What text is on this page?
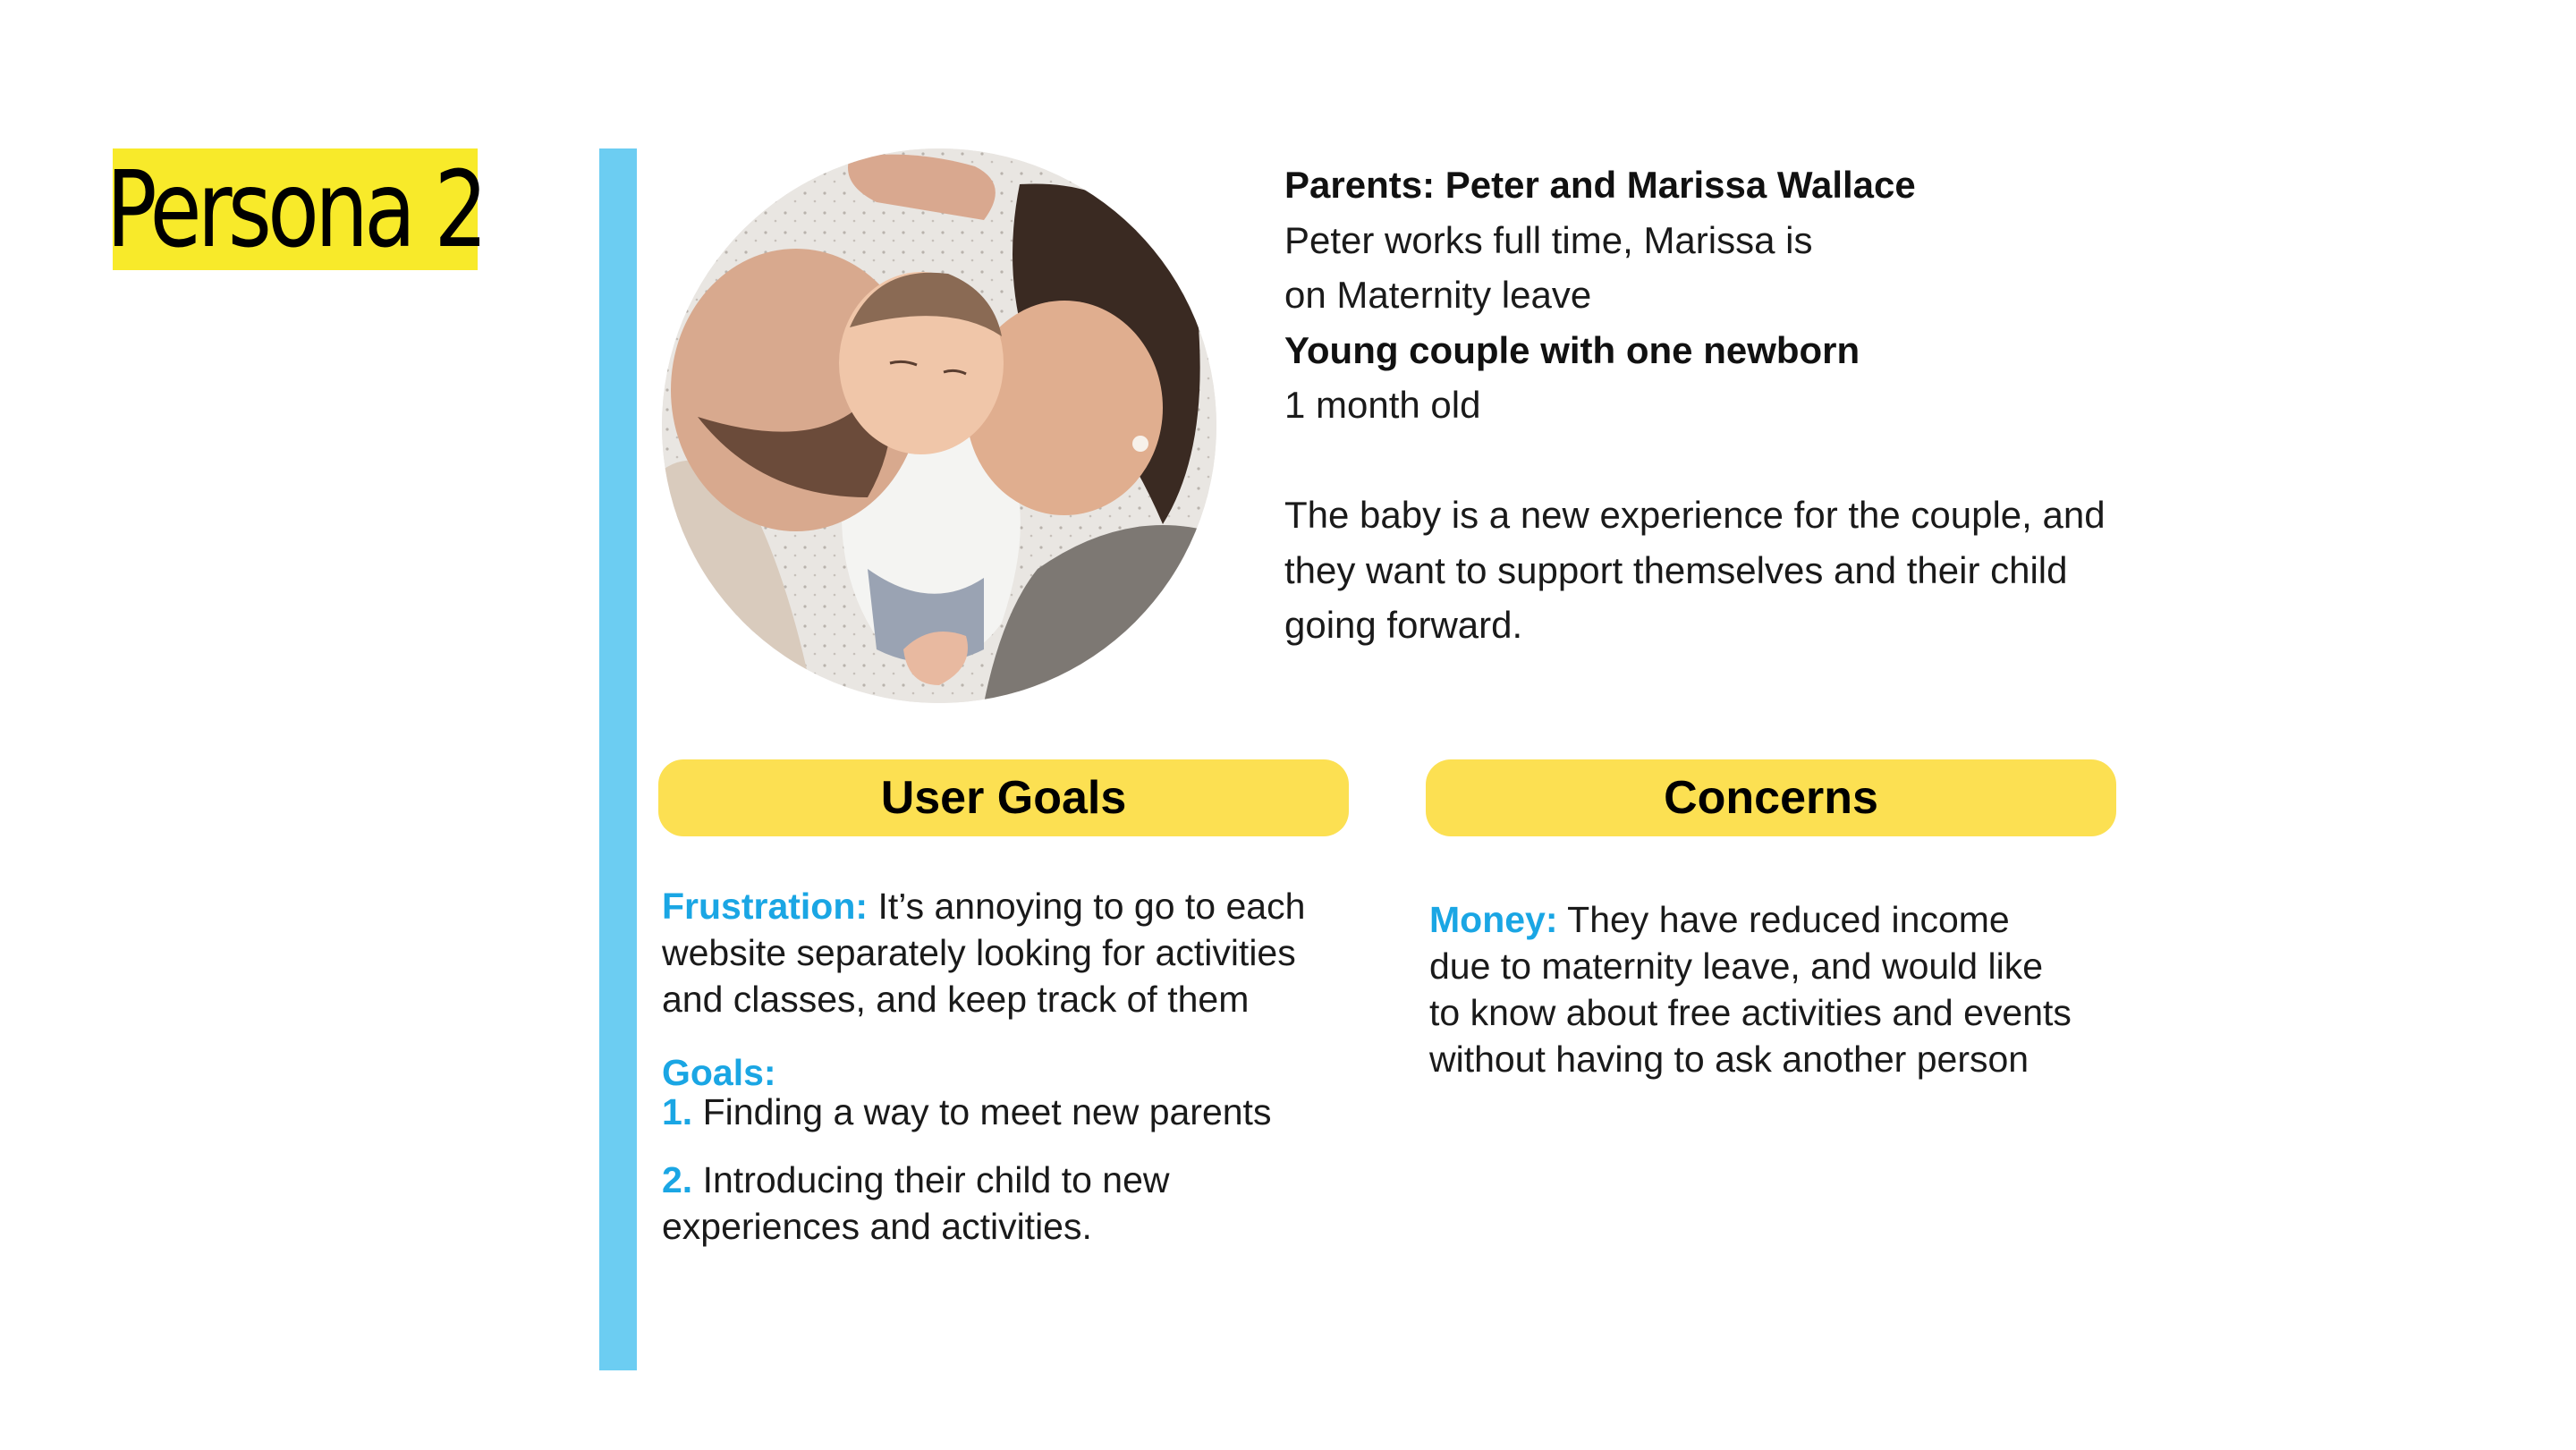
Persona 2	Parents: Peter and Marissa Wallace
Peter works full time, Marissa is
on Maternity leave
Young couple with one newborn
1 month old
The baby is a new experience for the couple, and
they want to support themselves and their child
going forward.
User Goals	Concerns
Frustration: It’s annoying to go to each
website separately looking for activities
and classes, and keep track of them
Goals:
1. Finding a way to meet new parents
2. Introducing their child to new
experiences and activities.
Money: They have reduced income
due to maternity leave, and would like
to know about free activities and events
without having to ask another person
